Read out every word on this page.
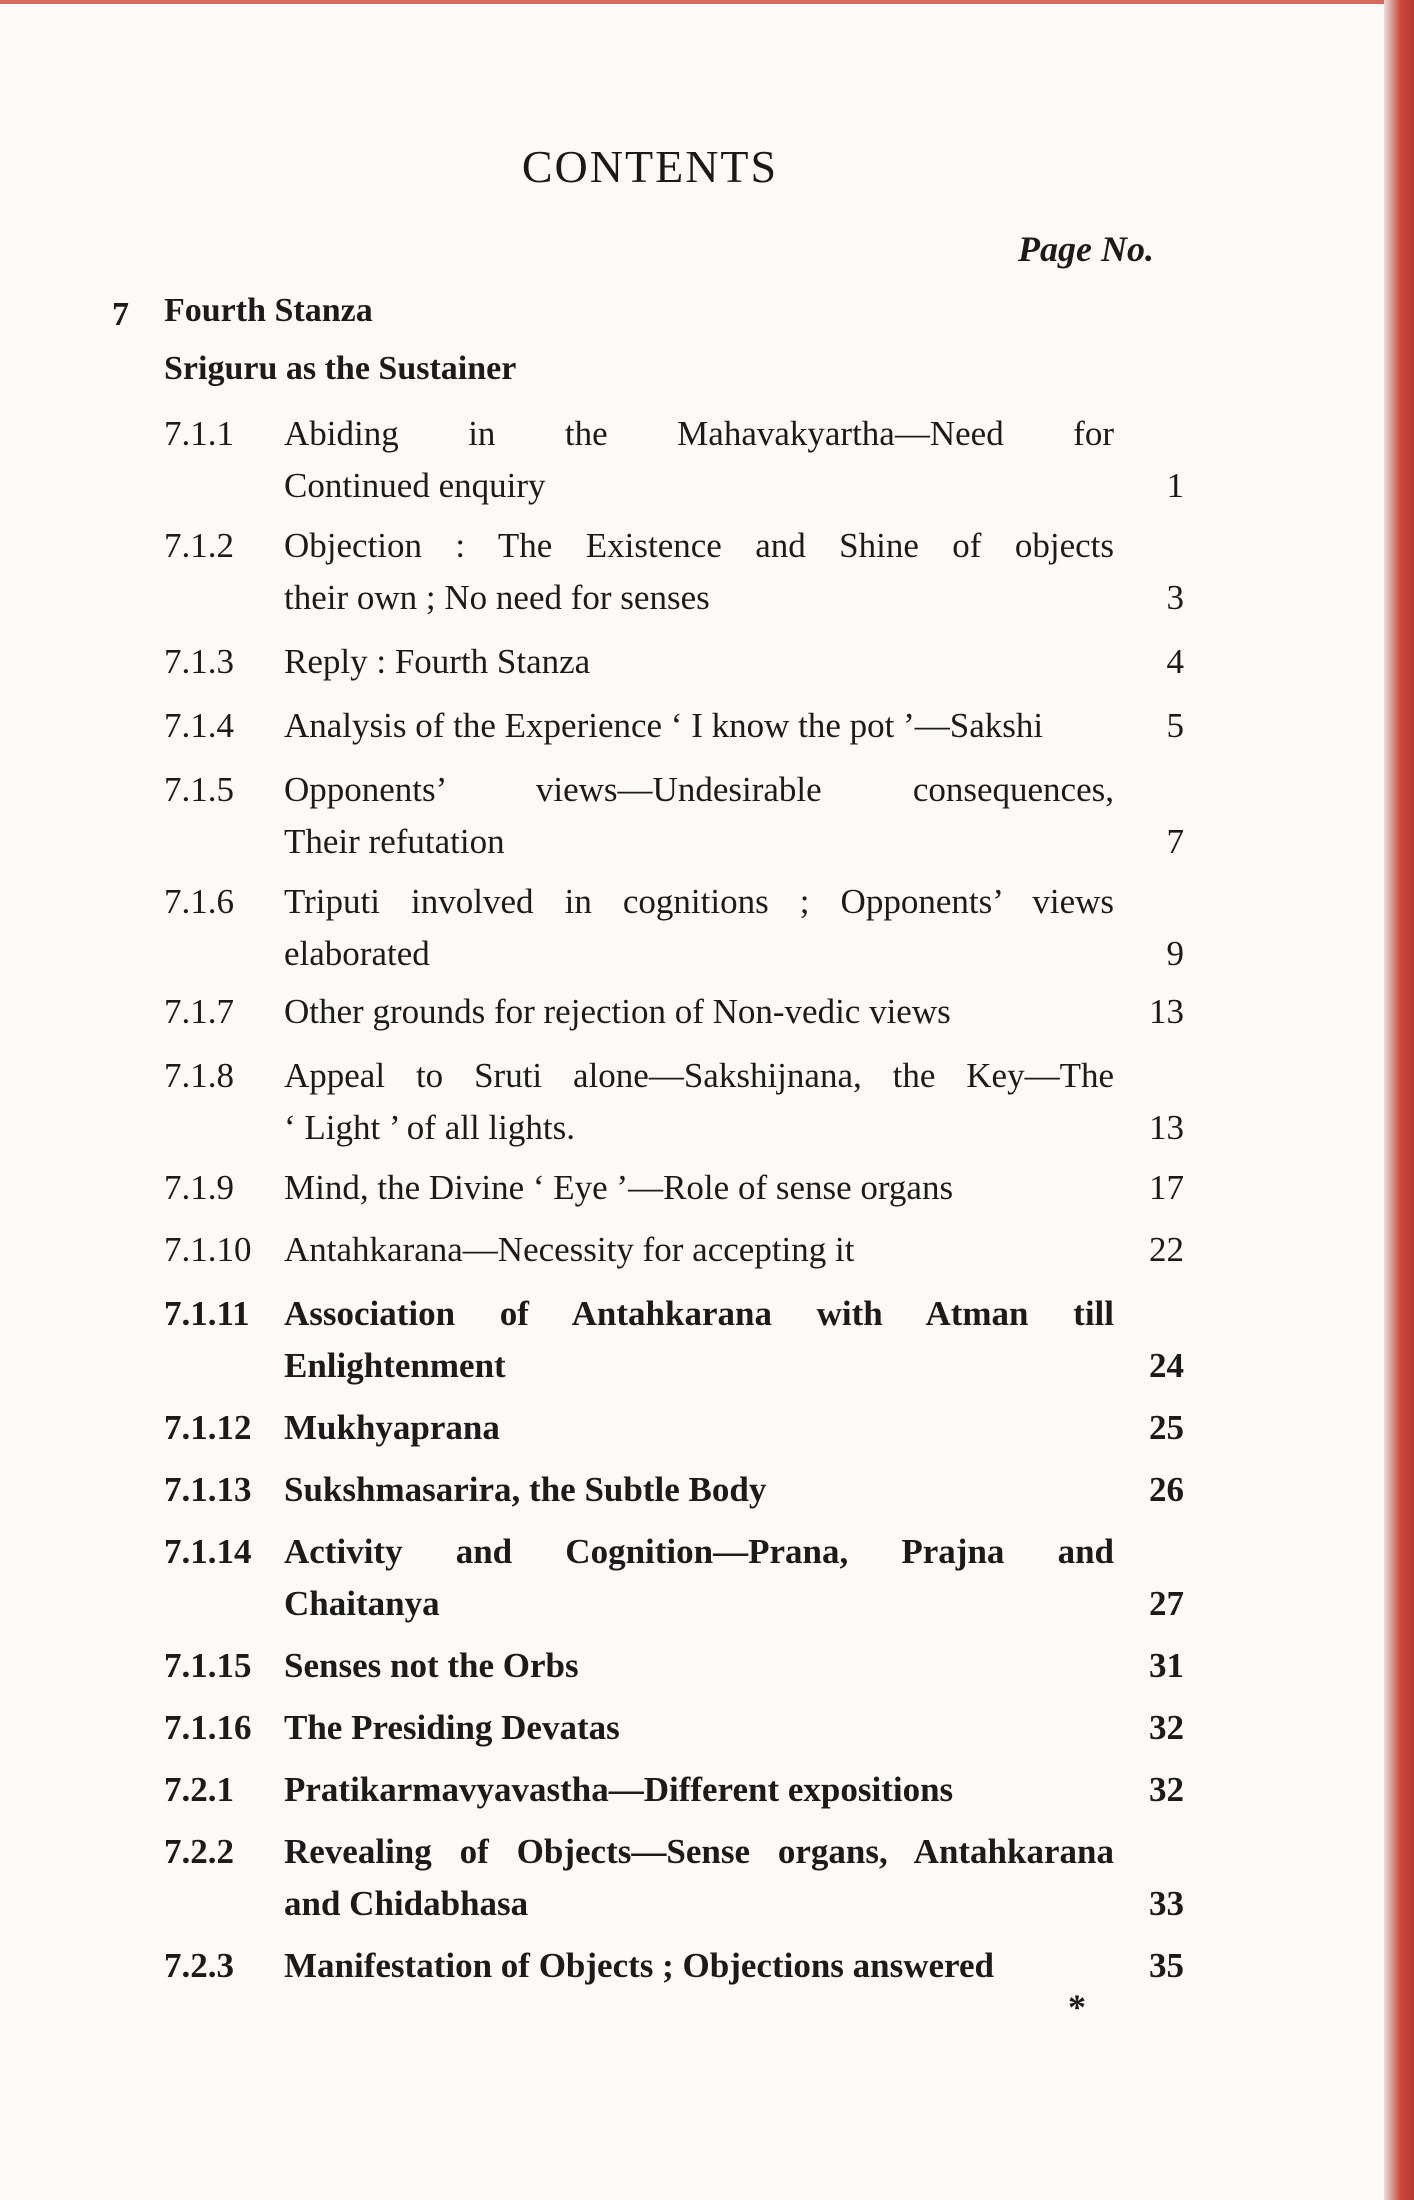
CONTENTS
Page No.
7 Fourth Stanza
Sriguru as the Sustainer
7.1.1	Abiding in the Mahavakyartha—Need for
Continued enquiry	1
7.1.2	Objection : The Existence and Shine of objects
their own ; No need for senses	3
7.1.3	Reply : Fourth Stanza	4
7.1.4	Analysis of the Experience ‘ I know the pot ’—Sakshi	5
7.1.5	Opponents’ views—Undesirable consequences,
Their refutation	7
7.1.6	Triputi involved in cognitions ; Opponents’ views
elaborated	9
7.1.7	Other grounds for rejection of Non-vedic views	13
7.1.8	Appeal to Sruti alone—Sakshijnana, the Key—The
‘ Light ’ of all lights.	13
7.1.9	Mind, the Divine ‘ Eye ’—Role of sense organs	17
7.1.10 Antahkarana—Necessity for accepting it	22
7.1.11 Association of Antahkarana with Atman till
Enlightenment	24
7.1.12 Mukhyaprana	25
7.1.13 Sukshmasarira, the Subtle Body	26
7.1.14 Activity and Cognition—Prana, Prajna and
Chaitanya	27
7.1.15 Senses not the Orbs	31
7.1.16 The Presiding Devatas	32
7.2.1	Pratikarmavyavastha—Different expositions	32
7.2.2	Revealing of Objects—Sense organs, Antahkarana
and Chidabhasa	33
7.2.3	Manifestation of Objects ; Objections answered	35
*
